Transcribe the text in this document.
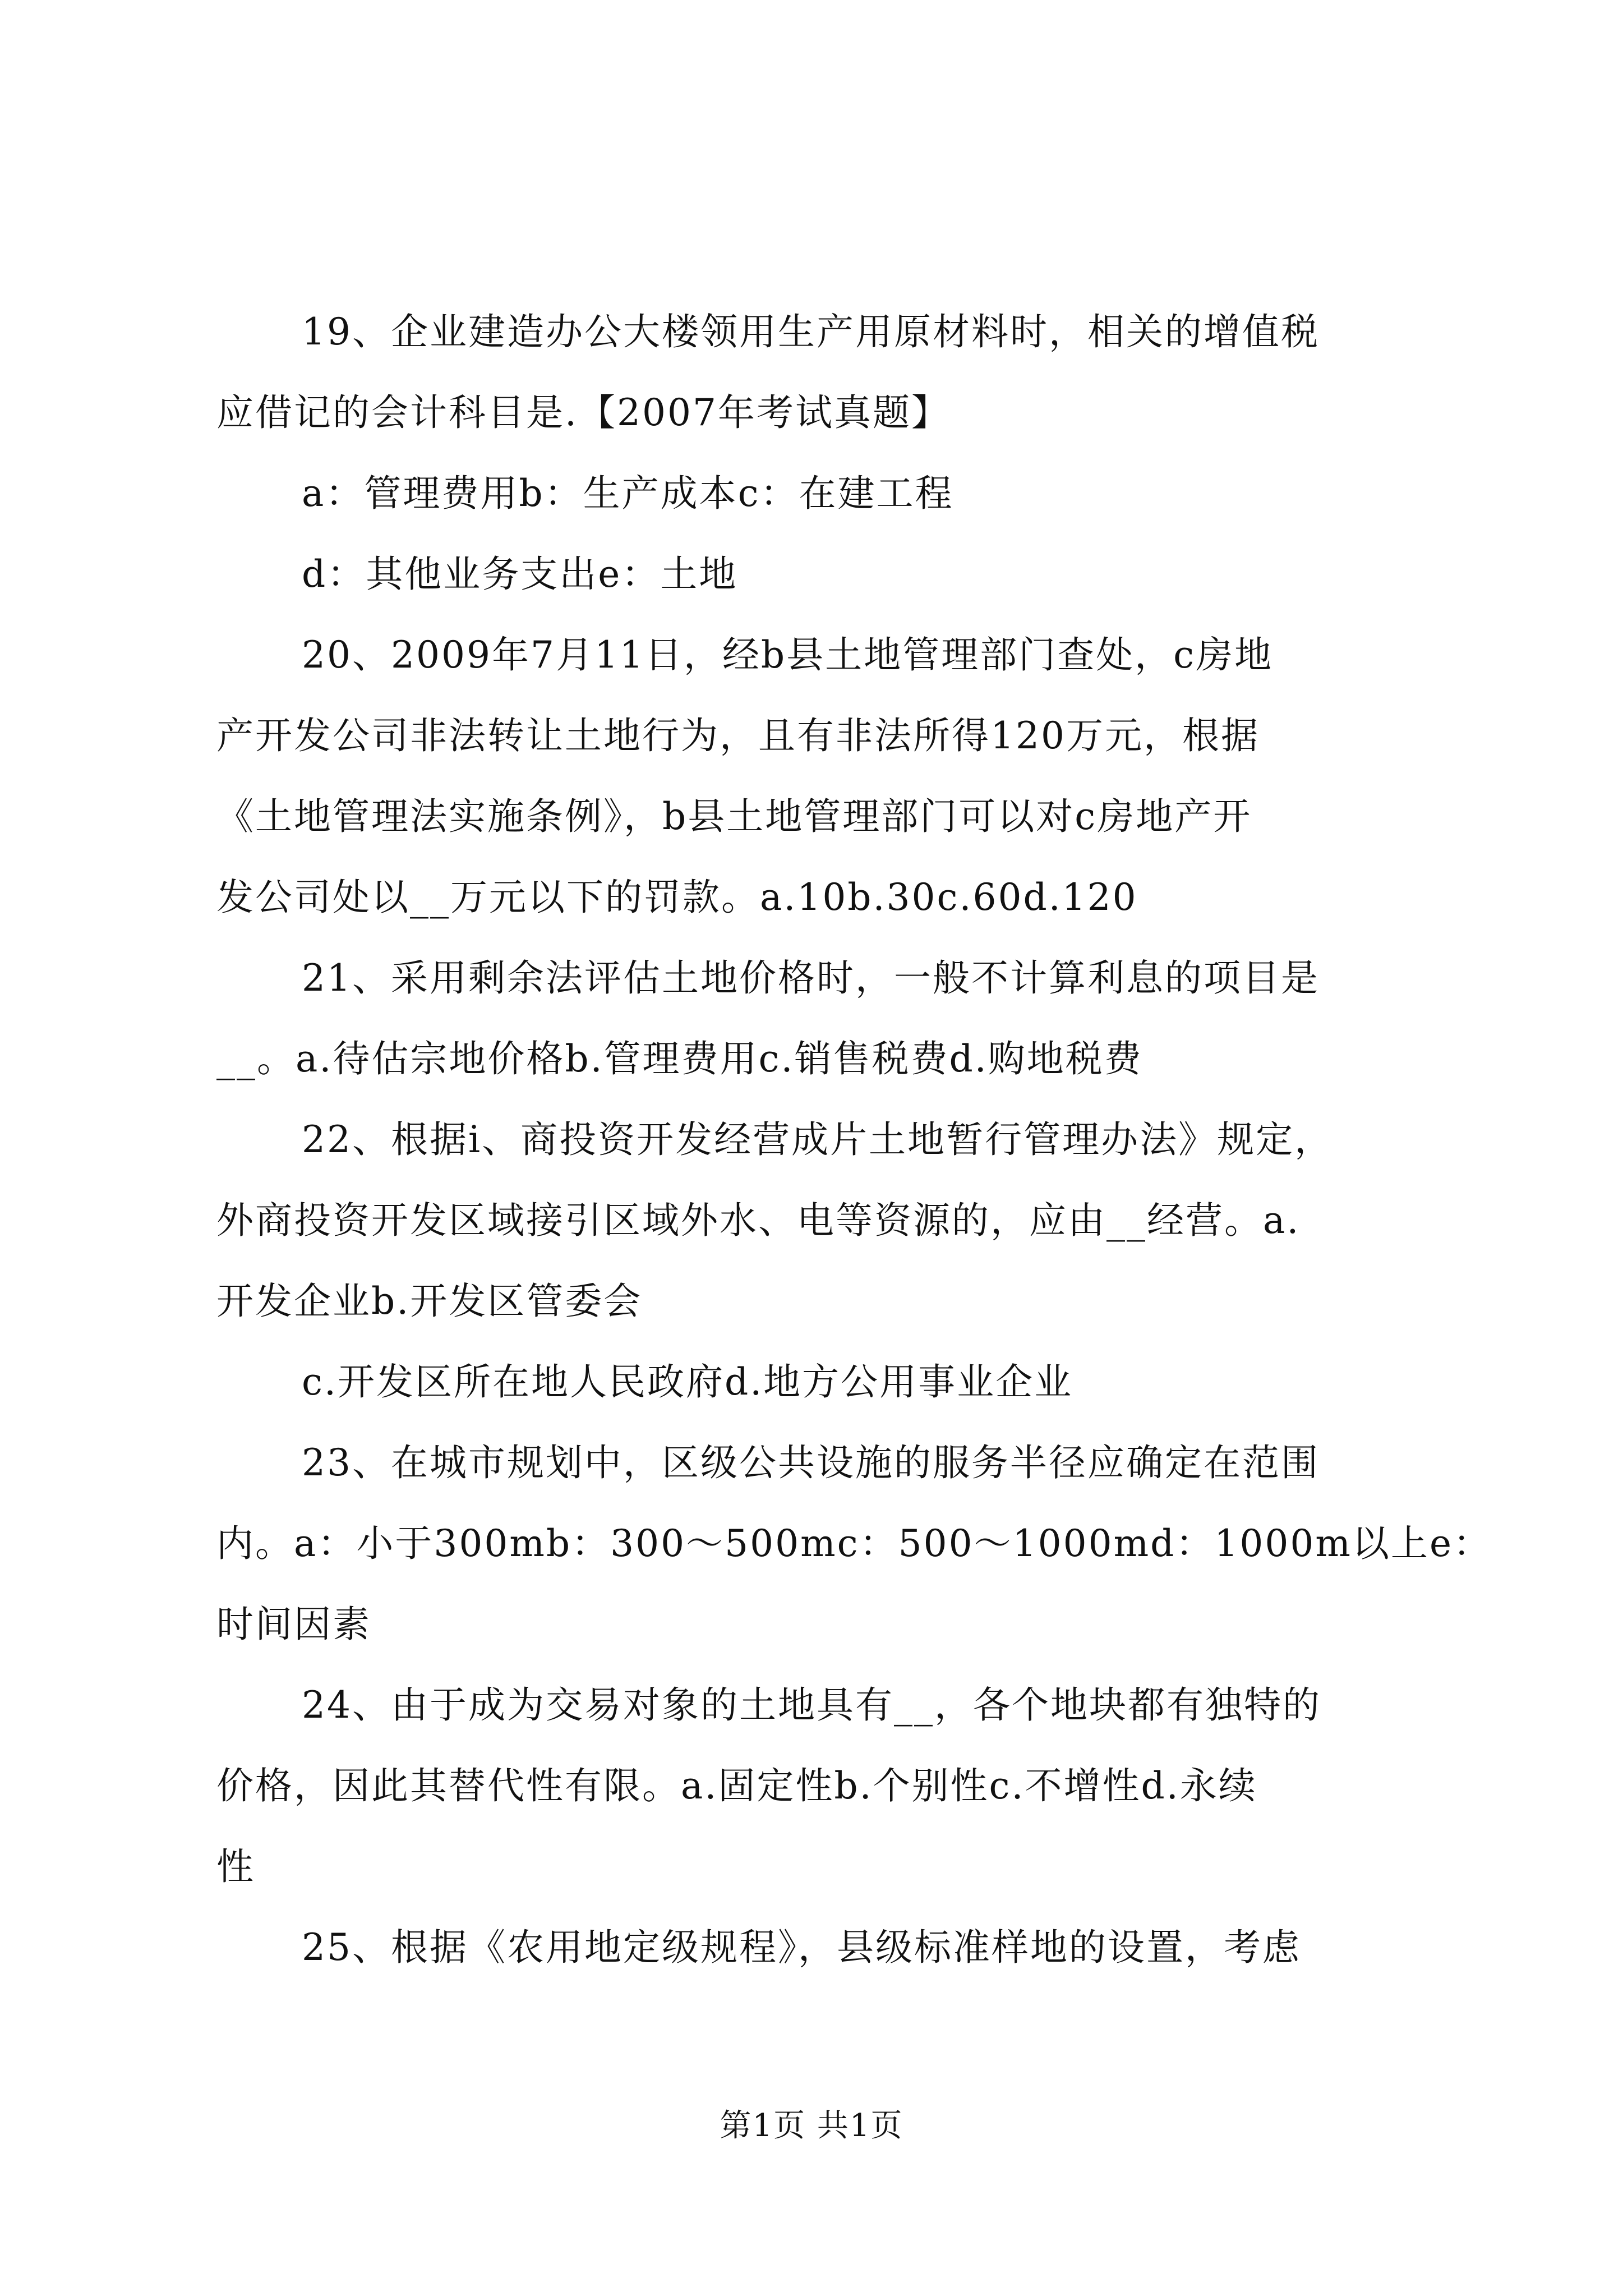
19、企业建造办公大楼领用生产用原材料时，相关的增值税
应借记的会计科目是.【2007年考试真题】
a：管理费用b：生产成本c：在建工程
d：其他业务支出e：土地
20、2009年7月11日，经b县土地管理部门查处，c房地
产开发公司非法转让土地行为，且有非法所得120万元，根据
《土地管理法实施条例》，b县土地管理部门可以对c房地产开
发公司处以__万元以下的罚款。a.10b.30c.60d.120
21、采用剩余法评估土地价格时，一般不计算利息的项目是
__。a.待估宗地价格b.管理费用c.销售税费d.购地税费
22、根据i、商投资开发经营成片土地暂行管理办法》规定，
外商投资开发区域接引区域外水、电等资源的，应由__经营。a.
开发企业b.开发区管委会
c.开发区所在地人民政府d.地方公用事业企业
23、在城市规划中，区级公共设施的服务半径应确定在范围
内。a：小于300mb：300～500mc：500～1000md：1000m以上e：
时间因素
24、由于成为交易对象的土地具有__，各个地块都有独特的
价格，因此其替代性有限。a.固定性b.个别性c.不增性d.永续
性
25、根据《农用地定级规程》，县级标准样地的设置，考虑
第1页 共1页
